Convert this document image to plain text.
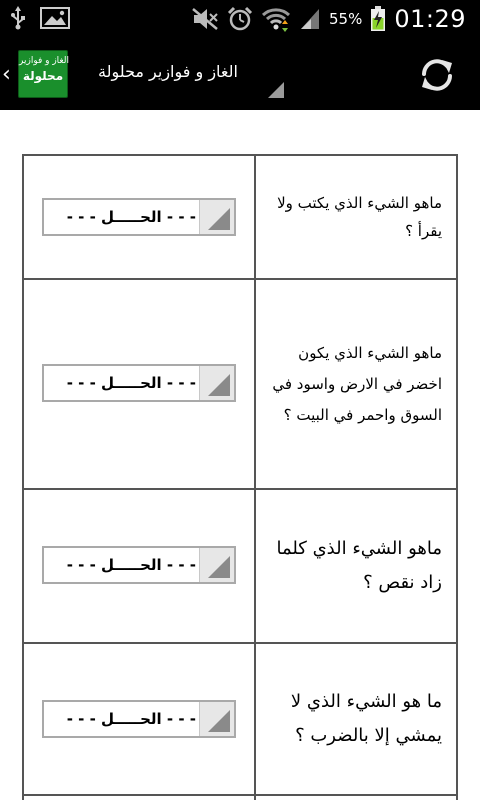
55% 01:29
‹
الغاز و فوازير
محلولة	الغاز و فوازير محلولة
ماهو الشيء الذي يكتب ولا يقرأ ؟
- - - الحـــــل - - -
ماهو الشيء الذي يكون اخضر في الارض واسود في السوق واحمر في البيت ؟
- - - الحـــــل - - -
ماهو الشيء الذي كلما زاد نقص ؟
- - - الحـــــل - - -
ما هو الشيء الذي لا يمشي إلا بالضرب ؟
- - - الحـــــل - - -
